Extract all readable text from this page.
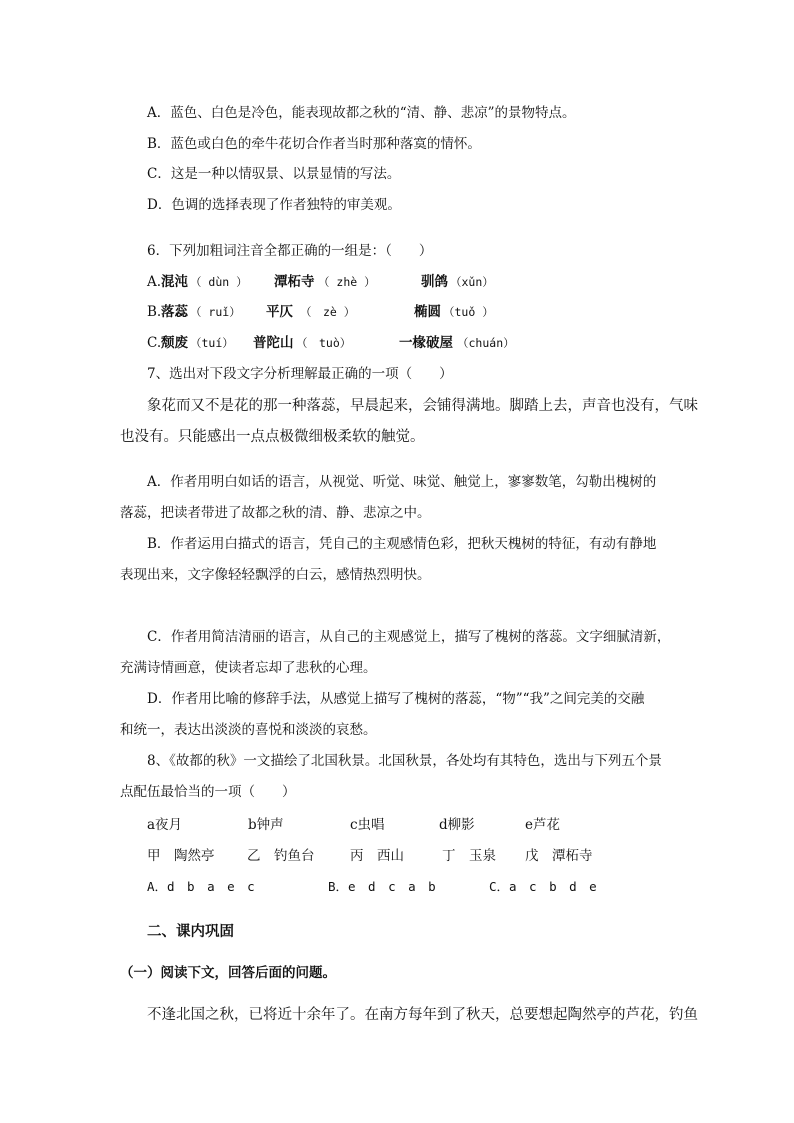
A．蓝色、白色是冷色，能表现故都之秋的“清、静、悲凉”的景物特点。
B．蓝色或白色的牵牛花切合作者当时那种落寞的情怀。
C．这是一种以情驭景、以景显情的写法。
D．色调的选择表现了作者独特的审美观。
6．下列加粗词注音全都正确的一组是：（　　）
A. 混沌 （ dùn ） 潭柘寺 （ zhè ）	驯鸽 （xǔn）
B. 落蕊 （ ruǐ） 平仄 （　zè ）	椭圆 （tuǒ ）
C. 颓废 （tuí） 普陀山 （　tuò）	一椽破屋 （chuán）
7、选出对下段文字分析理解最正确的一项（　　）
象花而又不是花的那一种落蕊，早晨起来，会铺得满地。脚踏上去，声音也没有，气味
也没有。只能感出一点点极微细极柔软的触觉。
A．作者用明白如话的语言，从视觉、听觉、味觉、触觉上，寥寥数笔，勾勒出槐树的
落蕊，把读者带进了故都之秋的清、静、悲凉之中。
B．作者运用白描式的语言，凭自己的主观感情色彩，把秋天槐树的特征，有动有静地
表现出来，文字像轻轻飘浮的白云，感情热烈明快。
C．作者用简洁清丽的语言，从自己的主观感觉上，描写了槐树的落蕊。文字细腻清新，
充满诗情画意，使读者忘却了悲秋的心理。
D．作者用比喻的修辞手法，从感觉上描写了槐树的落蕊，“物”“我”之间完美的交融
和统一，表达出淡淡的喜悦和淡淡的哀愁。
8、《故都的秋》一文描绘了北国秋景。北国秋景，各处均有其特色，选出与下列五个景
点配伍最恰当的一项（　　）
a夜月	b钟声	c虫唱	d柳影	e芦花
甲　陶然亭 乙　钓鱼台	丙　西山	丁　玉泉 戊　潭柘寺
A．d　b　a　e　c	B．e　d　c　a　b	C．a　c　b　d　e
二、课内巩固
（一）阅读下文，回答后面的问题。
不逢北国之秋，已将近十余年了。在南方每年到了秋天，总要想起陶然亭的芦花，钓鱼
